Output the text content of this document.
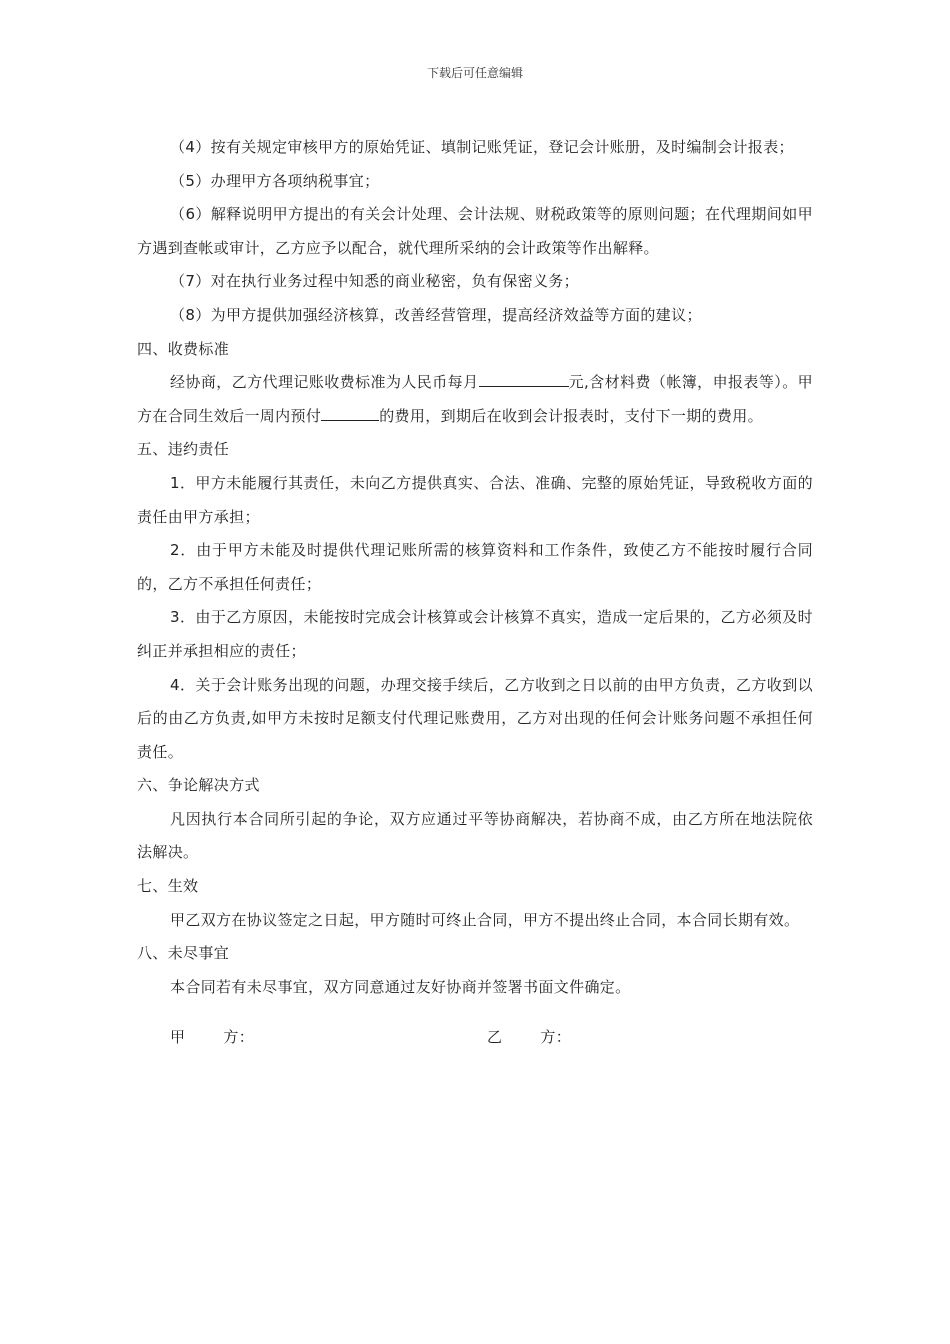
下载后可任意编辑

（4）按有关规定审核甲方的原始凭证、填制记账凭证，登记会计账册，及时编制会计报表；

（5）办理甲方各项纳税事宜；

（6）解释说明甲方提出的有关会计处理、会计法规、财税政策等的原则问题；在代理期间如甲方遇到查帐或审计，乙方应予以配合，就代理所采纳的会计政策等作出解释。

（7）对在执行业务过程中知悉的商业秘密，负有保密义务；

（8）为甲方提供加强经济核算，改善经营管理，提高经济效益等方面的建议；

四、收费标准

经协商，乙方代理记账收费标准为人民币每月	元,含材料费（帐簿，申报表等）。甲方在合同生效后一周内预付	的费用，到期后在收到会计报表时，支付下一期的费用。

五、违约责任

1．甲方未能履行其责任，未向乙方提供真实、合法、准确、完整的原始凭证，导致税收方面的责任由甲方承担；

2．由于甲方未能及时提供代理记账所需的核算资料和工作条件，致使乙方不能按时履行合同的，乙方不承担任何责任；

3．由于乙方原因，未能按时完成会计核算或会计核算不真实，造成一定后果的，乙方必须及时纠正并承担相应的责任；

4．关于会计账务出现的问题，办理交接手续后，乙方收到之日以前的由甲方负责，乙方收到以后的由乙方负责,如甲方未按时足额支付代理记账费用，乙方对出现的任何会计账务问题不承担任何责任。

六、争论解决方式

凡因执行本合同所引起的争论，双方应通过平等协商解决，若协商不成，由乙方所在地法院依法解决。

七、生效

甲乙双方在协议签定之日起，甲方随时可终止合同，甲方不提出终止合同，本合同长期有效。

八、未尽事宜

本合同若有未尽事宜，双方同意通过友好协商并签署书面文件确定。

甲	方：	乙	方：
